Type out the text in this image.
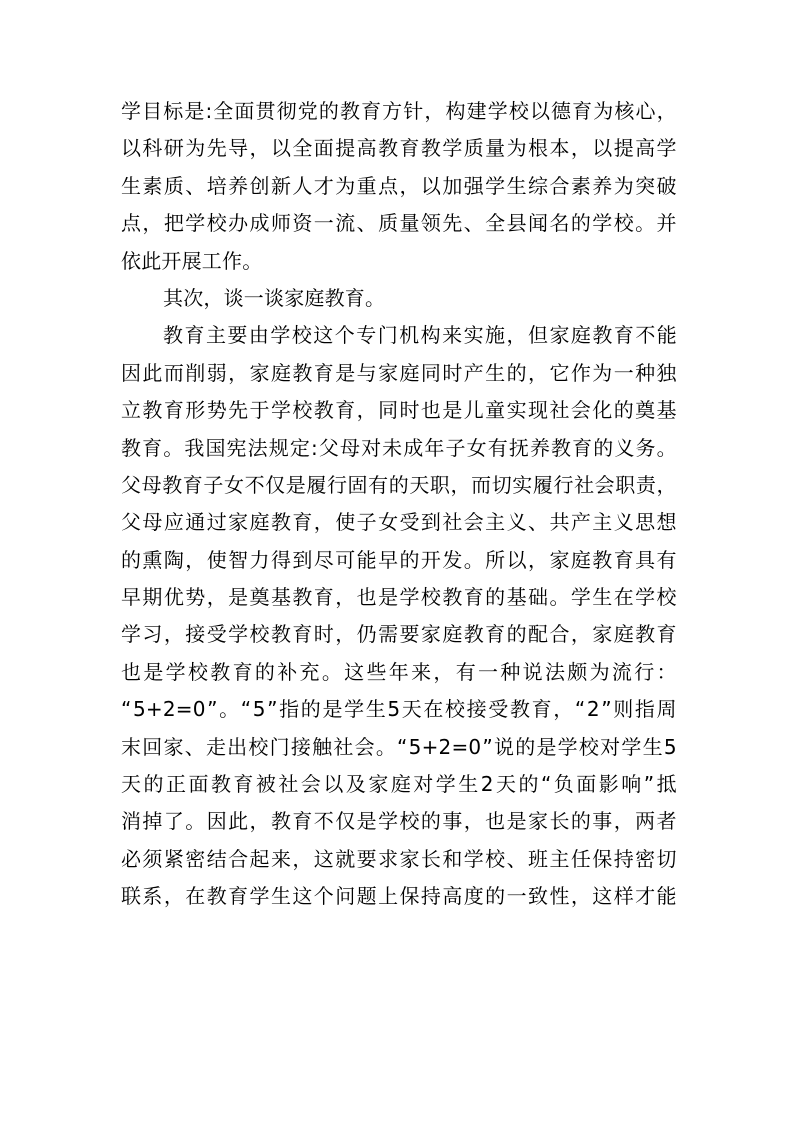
学 目 标 是 : 全 面 贯 彻 党 的 教 育 方 针 ， 构 建 学 校 以 德 育 为 核 心 ，
以 科 研 为 先 导 ， 以 全 面 提 高 教 育 教 学 质 量 为 根 本 ， 以 提 高 学
生 素 质 、 培 养 创 新 人 才 为 重 点 ， 以 加 强 学 生 综 合 素 养 为 突 破
点 ， 把 学 校 办 成 师 资 一 流 、 质 量 领 先 、 全 县 闻 名 的 学 校 。 并
依此开展工作。
其次，谈一谈家庭教育。
教 育 主 要 由 学 校 这 个 专 门 机 构 来 实 施 ， 但 家 庭 教 育 不 能
因 此 而 削 弱 ， 家 庭 教 育 是 与 家 庭 同 时 产 生 的 ， 它 作 为 一 种 独
立 教 育 形 势 先 于 学 校 教 育 ， 同 时 也 是 儿 童 实 现 社 会 化 的 奠 基
教 育 。 我 国 宪 法 规 定 : 父 母 对 未 成 年 子 女 有 抚 养 教 育 的 义 务 。
父 母 教 育 子 女 不 仅 是 履 行 固 有 的 天 职 ， 而 切 实 履 行 社 会 职 责 ，
父 母 应 通 过 家 庭 教 育 ， 使 子 女 受 到 社 会 主 义 、 共 产 主 义 思 想
的 熏 陶 ， 使 智 力 得 到 尽 可 能 早 的 开 发 。 所 以 ， 家 庭 教 育 具 有
早 期 优 势 ， 是 奠 基 教 育 ， 也 是 学 校 教 育 的 基 础 。 学 生 在 学 校
学 习 ， 接 受 学 校 教 育 时 ， 仍 需 要 家 庭 教 育 的 配 合 ， 家 庭 教 育
也 是 学 校 教 育 的 补 充 。 这 些 年 来 ， 有 一 种 说 法 颇 为 流 行 ：
“ 5+2=0 ” 。 “ 5 ” 指 的 是 学 生 5 天 在 校 接 受 教 育 ， “ 2 ” 则 指 周
末 回 家 、 走 出 校 门 接 触 社 会 。 “ 5+2=0 ” 说 的 是 学 校 对 学 生 5
天 的 正 面 教 育 被 社 会 以 及 家 庭 对 学 生 2 天 的 “ 负 面 影 响 ” 抵
消 掉 了 。 因 此 ， 教 育 不 仅 是 学 校 的 事 ， 也 是 家 长 的 事 ， 两 者
必 须 紧 密 结 合 起 来 ， 这 就 要 求 家 长 和 学 校 、 班 主 任 保 持 密 切
联 系 ， 在 教 育 学 生 这 个 问 题 上 保 持 高 度 的 一 致 性 ， 这 样 才 能
